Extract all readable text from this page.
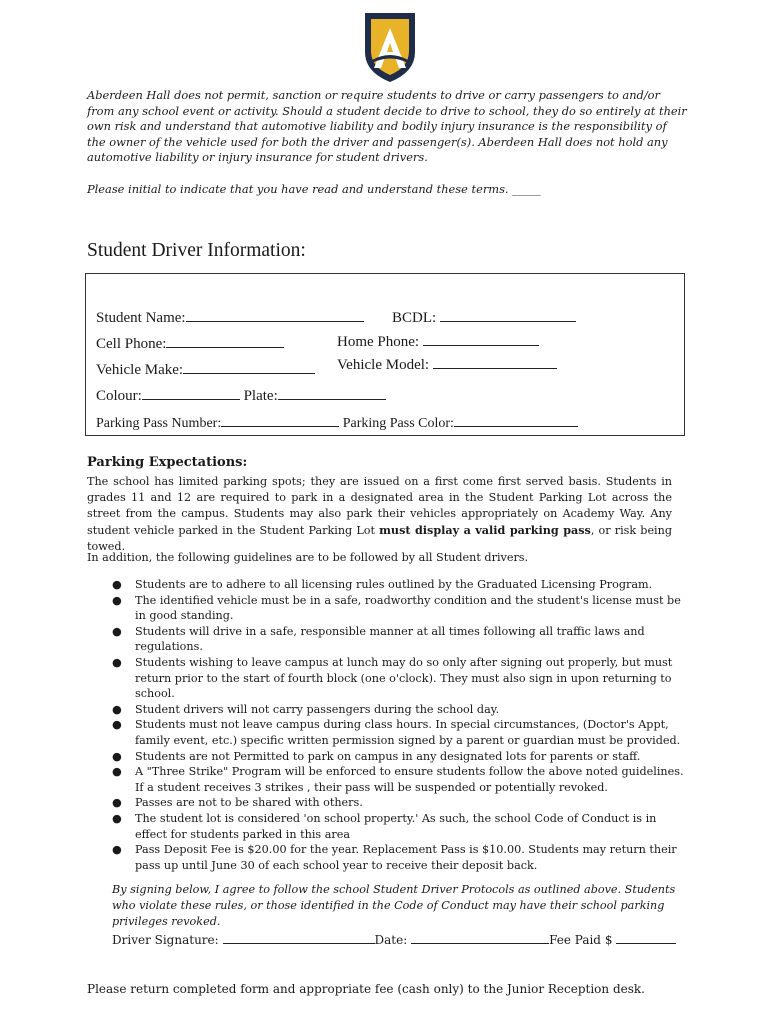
Aberdeen Hall does not permit, sanction or require students to drive or carry passengers to and/or from any school event or activity. Should a student decide to drive to school, they do so entirely at their own risk and understand that automotive liability and bodily injury insurance is the responsibility of the owner of the vehicle used for both the driver and passenger(s). Aberdeen Hall does not hold any automotive liability or injury insurance for student drivers.
Please initial to indicate that you have read and understand these terms. _____
Student Driver Information:
Student Name:	BCDL:
Cell Phone:	Home Phone:
Vehicle Make:	Vehicle Model:
Colour:	Plate:
Parking Pass Number:	Parking Pass Color:
Parking Expectations:
The school has limited parking spots; they are issued on a first come first served basis. Students in grades 11 and 12 are required to park in a designated area in the Student Parking Lot across the street from the campus. Students may also park their vehicles appropriately on Academy Way. Any student vehicle parked in the Student Parking Lot must display a valid parking pass, or risk being towed.
In addition, the following guidelines are to be followed by all Student drivers.
● Students are to adhere to all licensing rules outlined by the Graduated Licensing Program.
● The identified vehicle must be in a safe, roadworthy condition and the student's license must be in good standing.
● Students will drive in a safe, responsible manner at all times following all traffic laws and regulations.
● Students wishing to leave campus at lunch may do so only after signing out properly, but must return prior to the start of fourth block (one o'clock). They must also sign in upon returning to school.
● Student drivers will not carry passengers during the school day.
● Students must not leave campus during class hours. In special circumstances, (Doctor's Appt, family event, etc.) specific written permission signed by a parent or guardian must be provided.
● Students are not Permitted to park on campus in any designated lots for parents or staff.
● A "Three Strike" Program will be enforced to ensure students follow the above noted guidelines. If a student receives 3 strikes , their pass will be suspended or potentially revoked.
● Passes are not to be shared with others.
● The student lot is considered 'on school property.' As such, the school Code of Conduct is in effect for students parked in this area
● Pass Deposit Fee is $20.00 for the year. Replacement Pass is $10.00. Students may return their pass up until June 30 of each school year to receive their deposit back.
By signing below, I agree to follow the school Student Driver Protocols as outlined above. Students who violate these rules, or those identified in the Code of Conduct may have their school parking privileges revoked.
Driver Signature:	Date:	Fee Paid $
Please return completed form and appropriate fee (cash only) to the Junior Reception desk.
